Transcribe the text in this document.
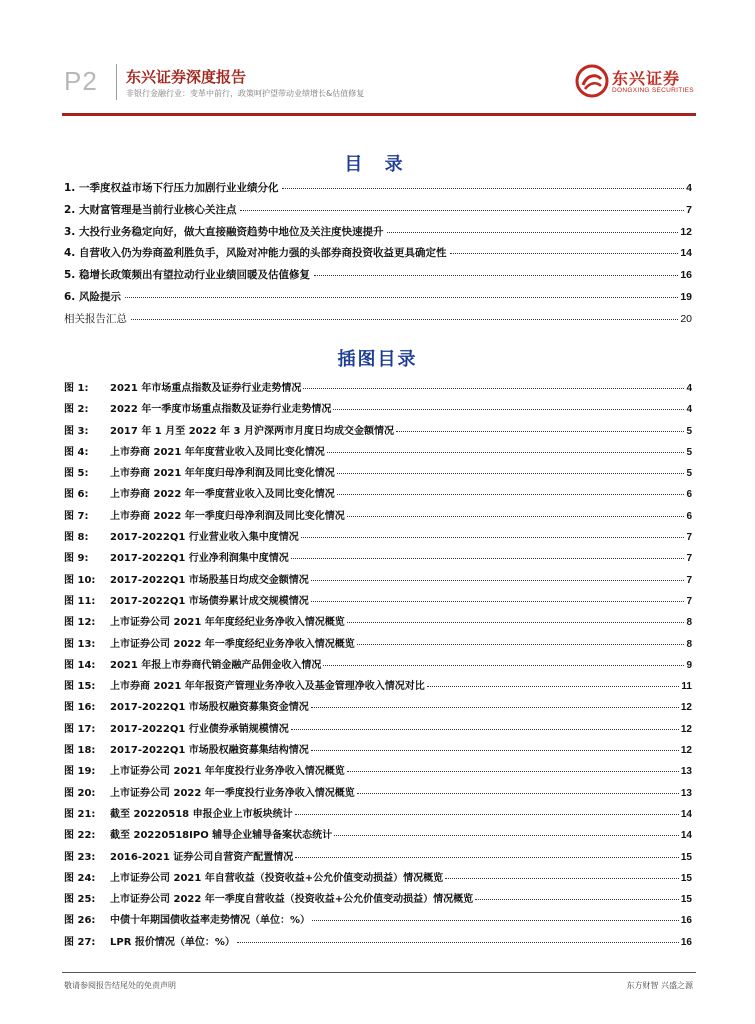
P2 东兴证券深度报告
非银行金融行业：变革中前行，政策呵护望带动业绩增长&估值修复
东兴证券
DONGXING SECURITIES
目 录
1. 一季度权益市场下行压力加剧行业业绩分化	4
2. 大财富管理是当前行业核心关注点	7
3. 大投行业务稳定向好，做大直接融资趋势中地位及关注度快速提升	12
4. 自营收入仍为券商盈利胜负手，风险对冲能力强的头部券商投资收益更具确定性	14
5. 稳增长政策频出有望拉动行业业绩回暖及估值修复	16
6. 风险提示	19
相关报告汇总	20
插图目录
图 1:	2021 年市场重点指数及证券行业走势情况	4
图 2:	2022 年一季度市场重点指数及证券行业走势情况	4
图 3:	2017 年 1 月至 2022 年 3 月沪深两市月度日均成交金额情况	5
图 4:	上市券商 2021 年年度营业收入及同比变化情况	5
图 5:	上市券商 2021 年年度归母净利润及同比变化情况	5
图 6:	上市券商 2022 年一季度营业收入及同比变化情况	6
图 7:	上市券商 2022 年一季度归母净利润及同比变化情况	6
图 8:	2017-2022Q1 行业营业收入集中度情况	7
图 9:	2017-2022Q1 行业净利润集中度情况	7
图 10:	2017-2022Q1 市场股基日均成交金额情况	7
图 11:	2017-2022Q1 市场债券累计成交规模情况	7
图 12:	上市证券公司 2021 年年度经纪业务净收入情况概览	8
图 13:	上市证券公司 2022 年一季度经纪业务净收入情况概览	8
图 14:	2021 年报上市券商代销金融产品佣金收入情况	9
图 15:	上市券商 2021 年年报资产管理业务净收入及基金管理净收入情况对比	11
图 16:	2017-2022Q1 市场股权融资募集资金情况	12
图 17:	2017-2022Q1 行业债券承销规模情况	12
图 18:	2017-2022Q1 市场股权融资募集结构情况	12
图 19:	上市证券公司 2021 年年度投行业务净收入情况概览	13
图 20:	上市证券公司 2022 年一季度投行业务净收入情况概览	13
图 21:	截至 20220518 申报企业上市板块统计	14
图 22:	截至 20220518IPO 辅导企业辅导备案状态统计	14
图 23:	2016-2021 证券公司自营资产配置情况	15
图 24:	上市证券公司 2021 年自营收益（投资收益+公允价值变动损益）情况概览	15
图 25:	上市证券公司 2022 年一季度自营收益（投资收益+公允价值变动损益）情况概览	15
图 26:	中债十年期国债收益率走势情况（单位：%）	16
图 27:	LPR 报价情况（单位：%）	16
敬请参阅报告结尾处的免责声明	东方财智 兴盛之源
